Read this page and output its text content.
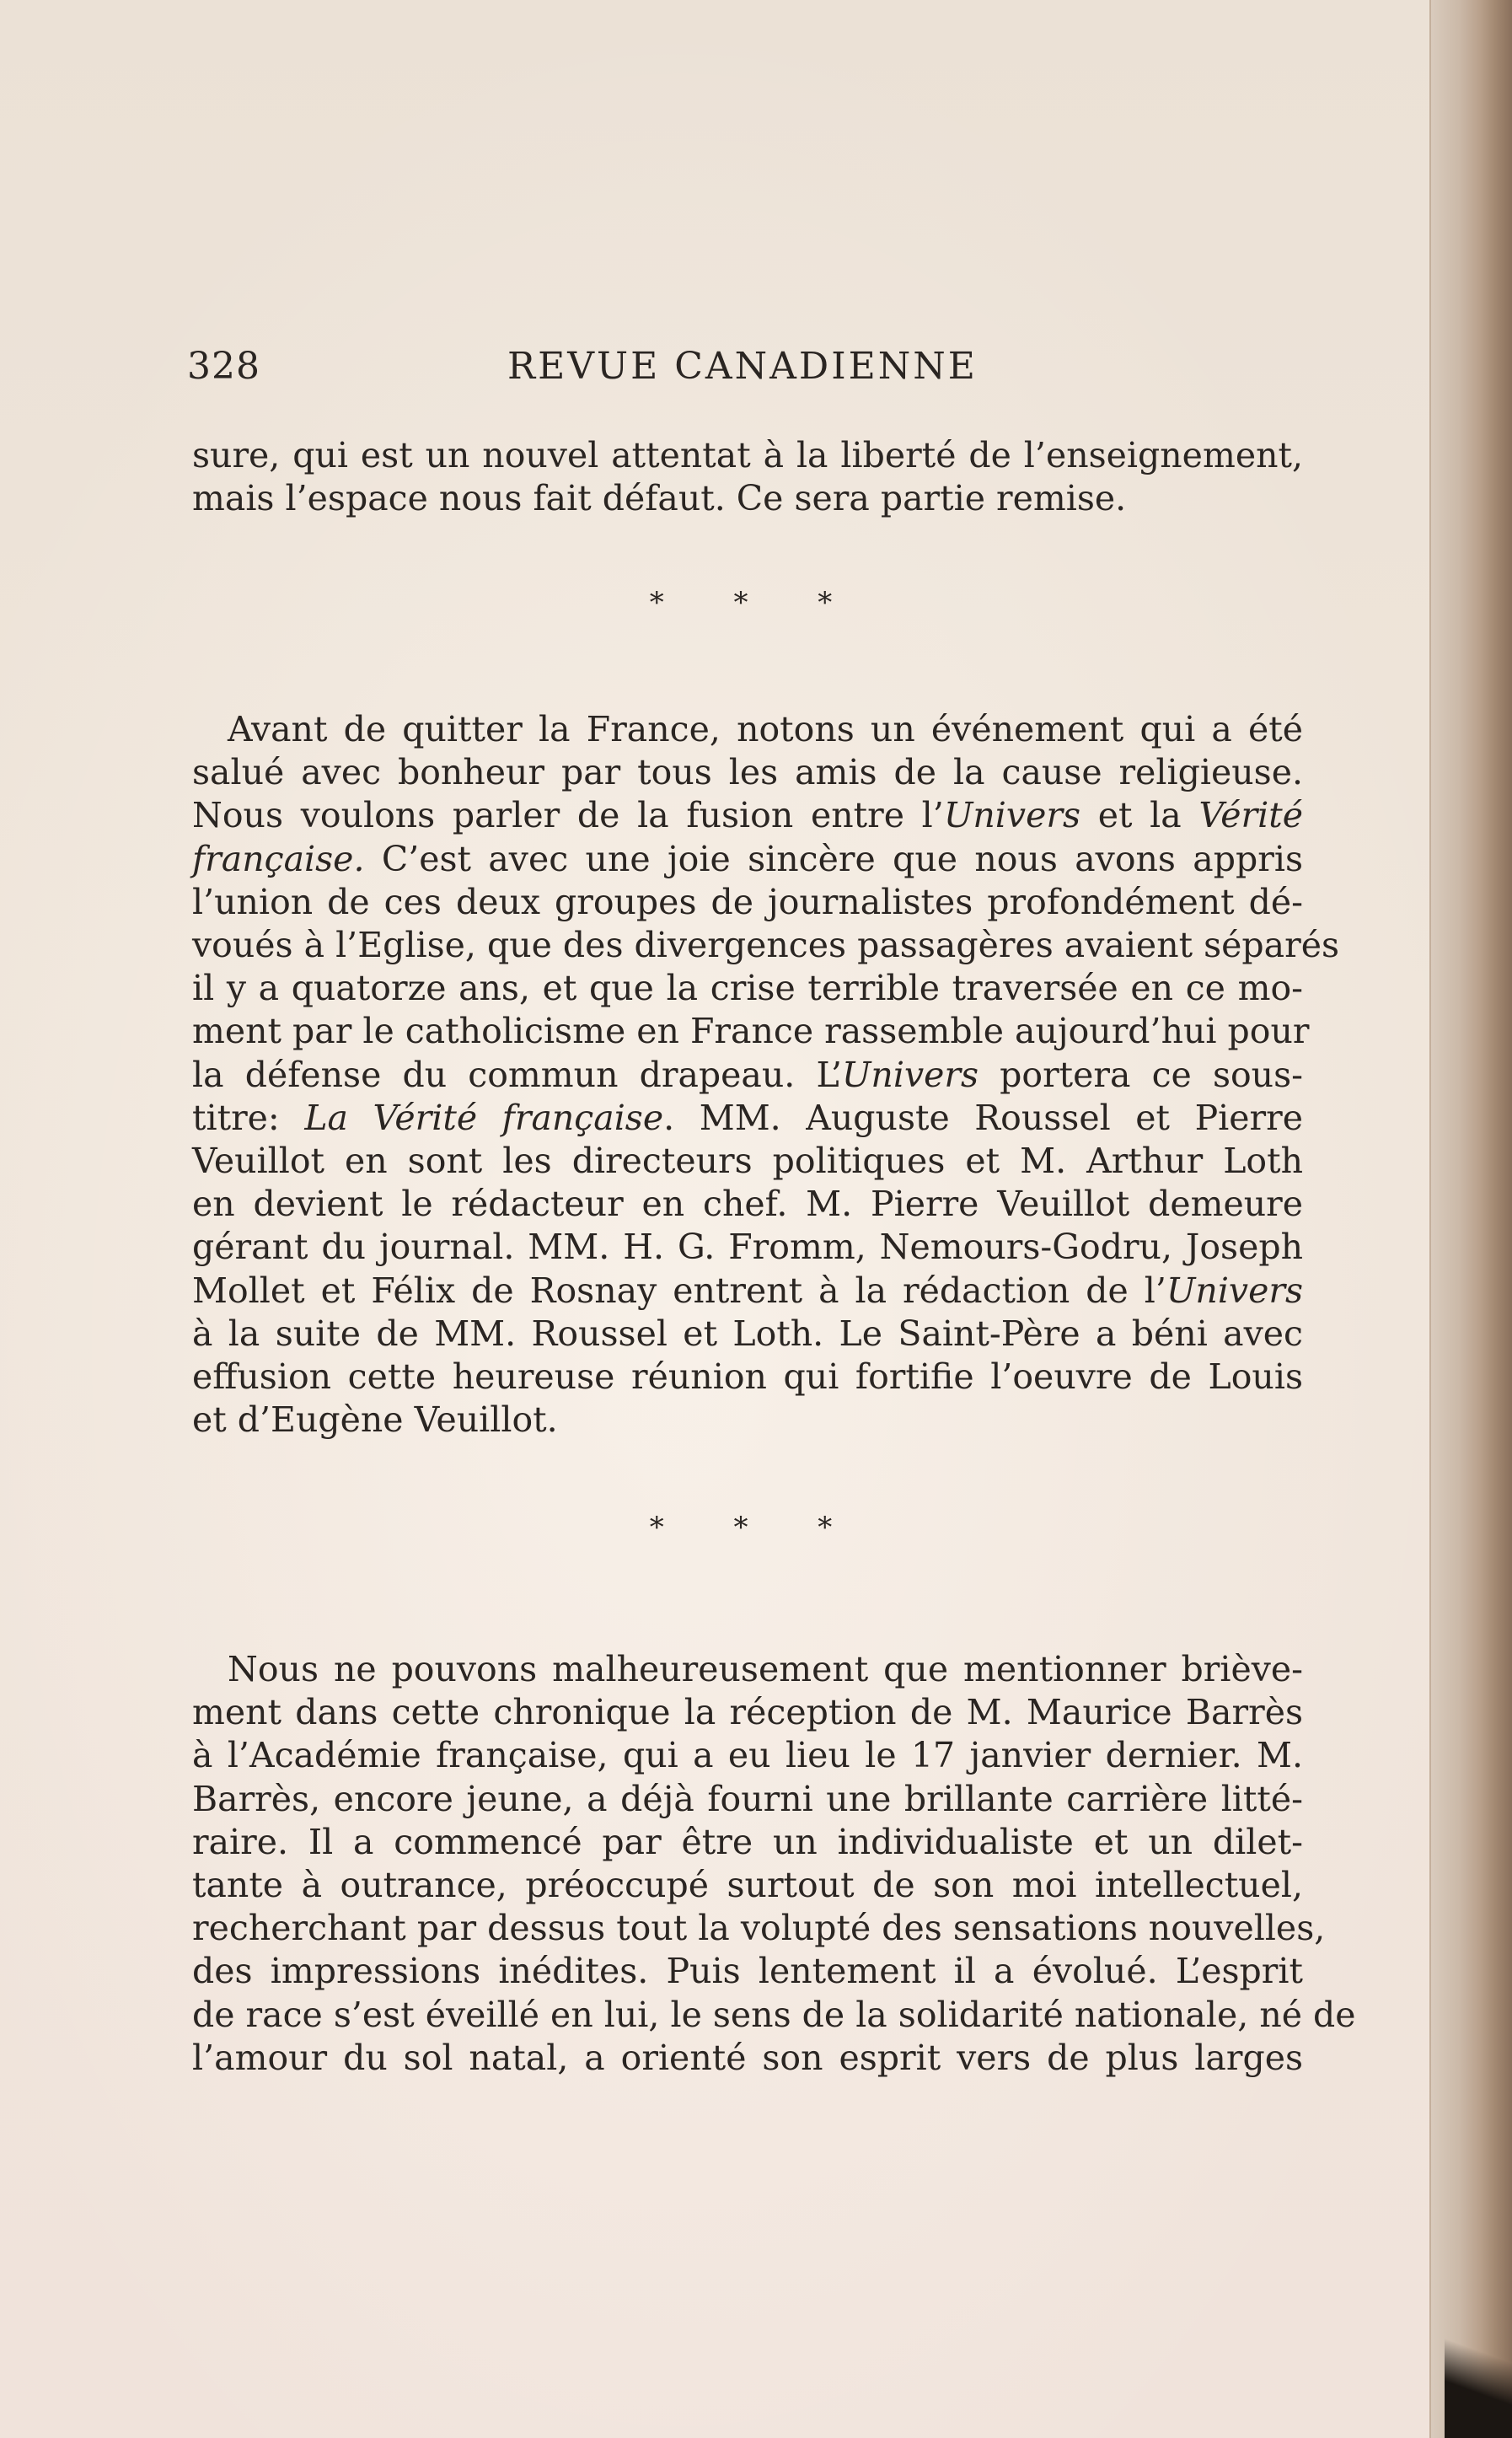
328	REVUE CANADIENNE
sure, qui est un nouvel attentat à la liberté de l’enseignement,
mais l’espace nous fait défaut. Ce sera partie remise.
* * *
Avant de quitter la France, notons un événement qui a été
salué avec bonheur par tous les amis de la cause religieuse.
Nous voulons parler de la fusion entre l’Univers et la Vérité
française. C’est avec une joie sincère que nous avons appris
l’union de ces deux groupes de journalistes profondément dé-
voués à l’Eglise, que des divergences passagères avaient séparés
il y a quatorze ans, et que la crise terrible traversée en ce mo-
ment par le catholicisme en France rassemble aujourd’hui pour
la défense du commun drapeau. L’Univers portera ce sous-
titre: La Vérité française. MM. Auguste Roussel et Pierre
Veuillot en sont les directeurs politiques et M. Arthur Loth
en devient le rédacteur en chef. M. Pierre Veuillot demeure
gérant du journal. MM. H. G. Fromm, Nemours-Godru, Joseph
Mollet et Félix de Rosnay entrent à la rédaction de l’Univers
à la suite de MM. Roussel et Loth. Le Saint-Père a béni avec
effusion cette heureuse réunion qui fortifie l’oeuvre de Louis
et d’Eugène Veuillot.
* * *
Nous ne pouvons malheureusement que mentionner briève-
ment dans cette chronique la réception de M. Maurice Barrès
à l’Académie française, qui a eu lieu le 17 janvier dernier. M.
Barrès, encore jeune, a déjà fourni une brillante carrière litté-
raire. Il a commencé par être un individualiste et un dilet-
tante à outrance, préoccupé surtout de son moi intellectuel,
recherchant par dessus tout la volupté des sensations nouvelles,
des impressions inédites. Puis lentement il a évolué. L’esprit
de race s’est éveillé en lui, le sens de la solidarité nationale, né de
l’amour du sol natal, a orienté son esprit vers de plus larges
